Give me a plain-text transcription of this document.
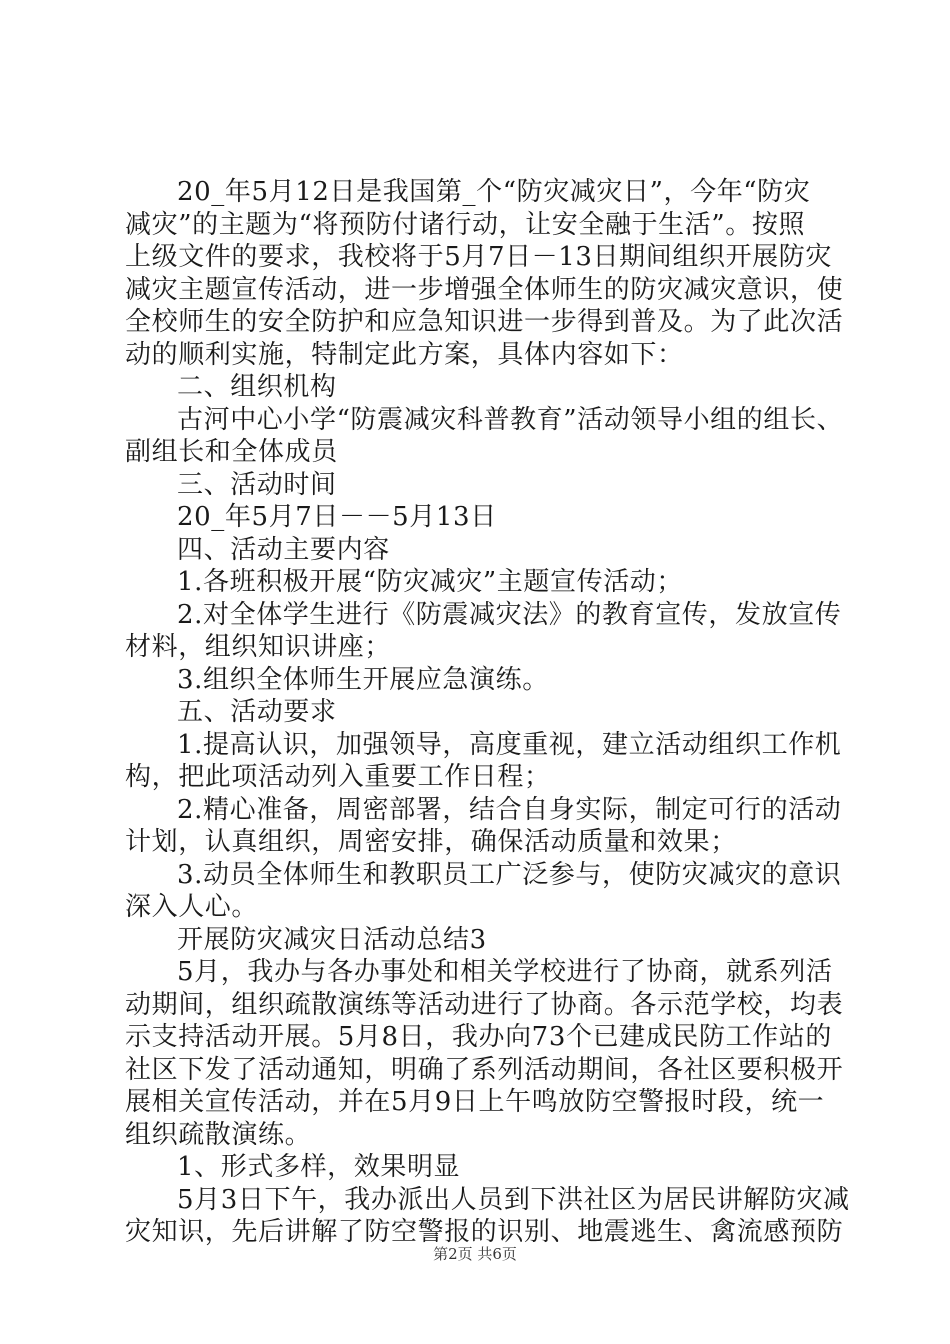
20_年5月12日是我国第_个“防灾减灾日”，今年“防灾

减灾”的主题为“将预防付诸行动，让安全融于生活”。按照

上级文件的要求，我校将于5月7日－13日期间组织开展防灾

减灾主题宣传活动，进一步增强全体师生的防灾减灾意识，使

全校师生的安全防护和应急知识进一步得到普及。为了此次活

动的顺利实施，特制定此方案，具体内容如下：

二、组织机构

古河中心小学“防震减灾科普教育”活动领导小组的组长、

副组长和全体成员

三、活动时间

20_年5月7日－－5月13日

四、活动主要内容

1.各班积极开展“防灾减灾”主题宣传活动；

2.对全体学生进行《防震减灾法》的教育宣传，发放宣传

材料，组织知识讲座；

3.组织全体师生开展应急演练。

五、活动要求

1.提高认识，加强领导，高度重视，建立活动组织工作机

构，把此项活动列入重要工作日程；

2.精心准备，周密部署，结合自身实际，制定可行的活动

计划，认真组织，周密安排，确保活动质量和效果；

3.动员全体师生和教职员工广泛参与，使防灾减灾的意识

深入人心。

开展防灾减灾日活动总结3

5月，我办与各办事处和相关学校进行了协商，就系列活

动期间，组织疏散演练等活动进行了协商。各示范学校，均表

示支持活动开展。5月8日，我办向73个已建成民防工作站的

社区下发了活动通知，明确了系列活动期间，各社区要积极开

展相关宣传活动，并在5月9日上午鸣放防空警报时段，统一

组织疏散演练。

1、形式多样，效果明显

5月3日下午，我办派出人员到下洪社区为居民讲解防灾减

灾知识，先后讲解了防空警报的识别、地震逃生、禽流感预防

第2页 共6页
